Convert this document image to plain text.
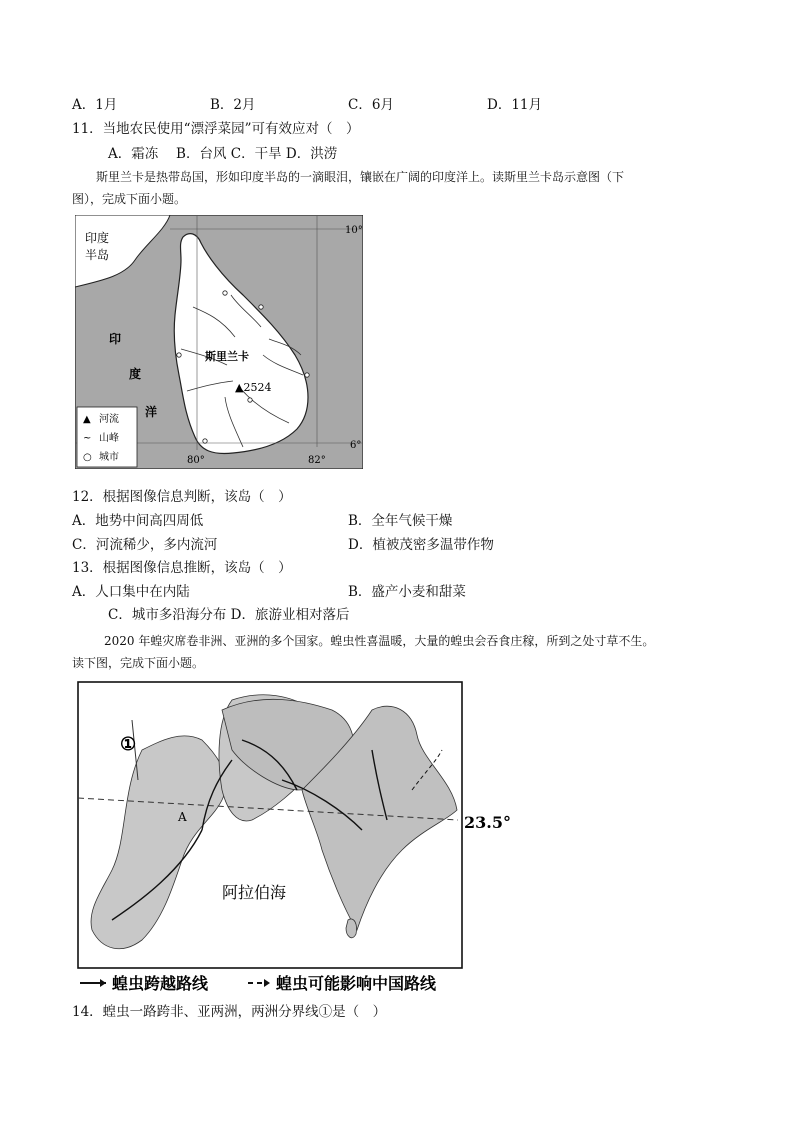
A．1月	B．2月	C．6月	D．11月
11．当地农民使用“漂浮菜园”可有效应对（　）
A．霜冻　 B．台风 C．干旱 D．洪涝
斯里兰卡是热带岛国，形如印度半岛的一滴眼泪，镶嵌在广阔的印度洋上。读斯里兰卡岛示意图（下
图），完成下面小题。
印度
半岛
印
度
洋
斯里兰卡
▲2524
10°
6°
80°	82°
▲ 河流
~ 山峰
○ 城市
12．根据图像信息判断，该岛（　）
A．地势中间高四周低	B．全年气候干燥
C．河流稀少，多内流河	D．植被茂密多温带作物
13．根据图像信息推断，该岛（　）
A．人口集中在内陆	B．盛产小麦和甜菜
C．城市多沿海分布 D．旅游业相对落后
2020 年蝗灾席卷非洲、亚洲的多个国家。蝗虫性喜温暖，大量的蝗虫会吞食庄稼，所到之处寸草不生。
读下图，完成下面小题。
①
A
阿拉伯海
23.5°
蝗虫跨越路线	蝗虫可能影响中国路线
14．蝗虫一路跨非、亚两洲，两洲分界线①是（　）
